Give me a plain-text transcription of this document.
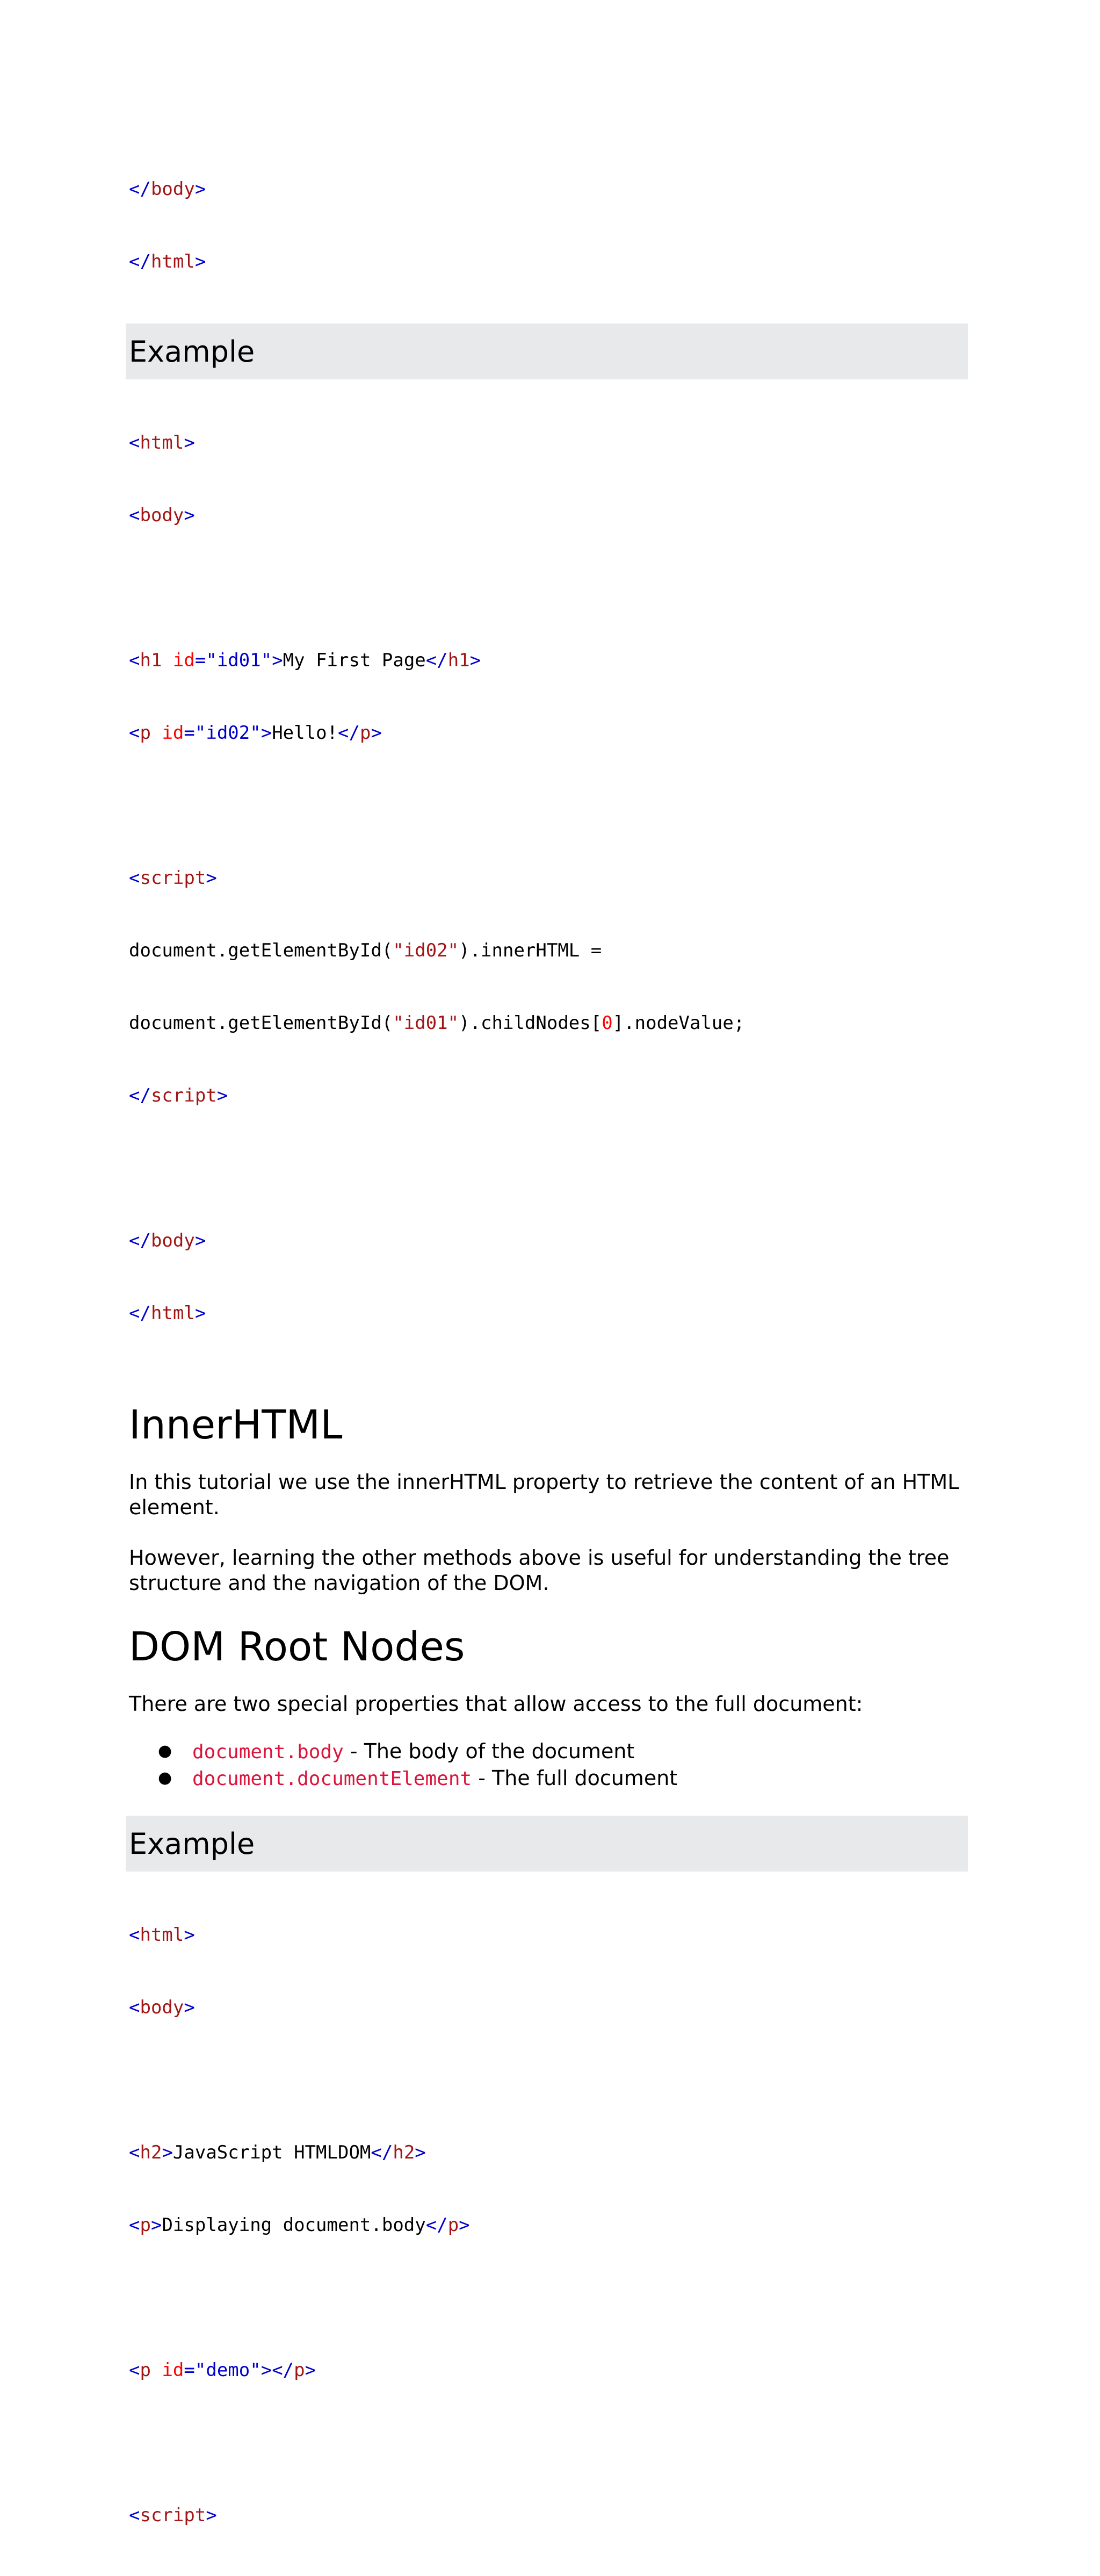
</body>

</html>

Example

<html>

<body>

<h1 id="id01">My First Page</h1>

<p id="id02">Hello!</p>

<script>

document.getElementById("id02").innerHTML =

document.getElementById("id01").childNodes[0].nodeValue;

</script>

</body>

</html>

InnerHTML

In this tutorial we use the innerHTML property to retrieve the content of an HTML element.

However, learning the other methods above is useful for understanding the tree structure and the navigation of the DOM.

DOM Root Nodes

There are two special properties that allow access to the full document:

● document.body - The body of the document
● document.documentElement - The full document
Example

<html>

<body>

<h2>JavaScript HTMLDOM</h2>

<p>Displaying document.body</p>

<p id="demo"></p>

<script>
